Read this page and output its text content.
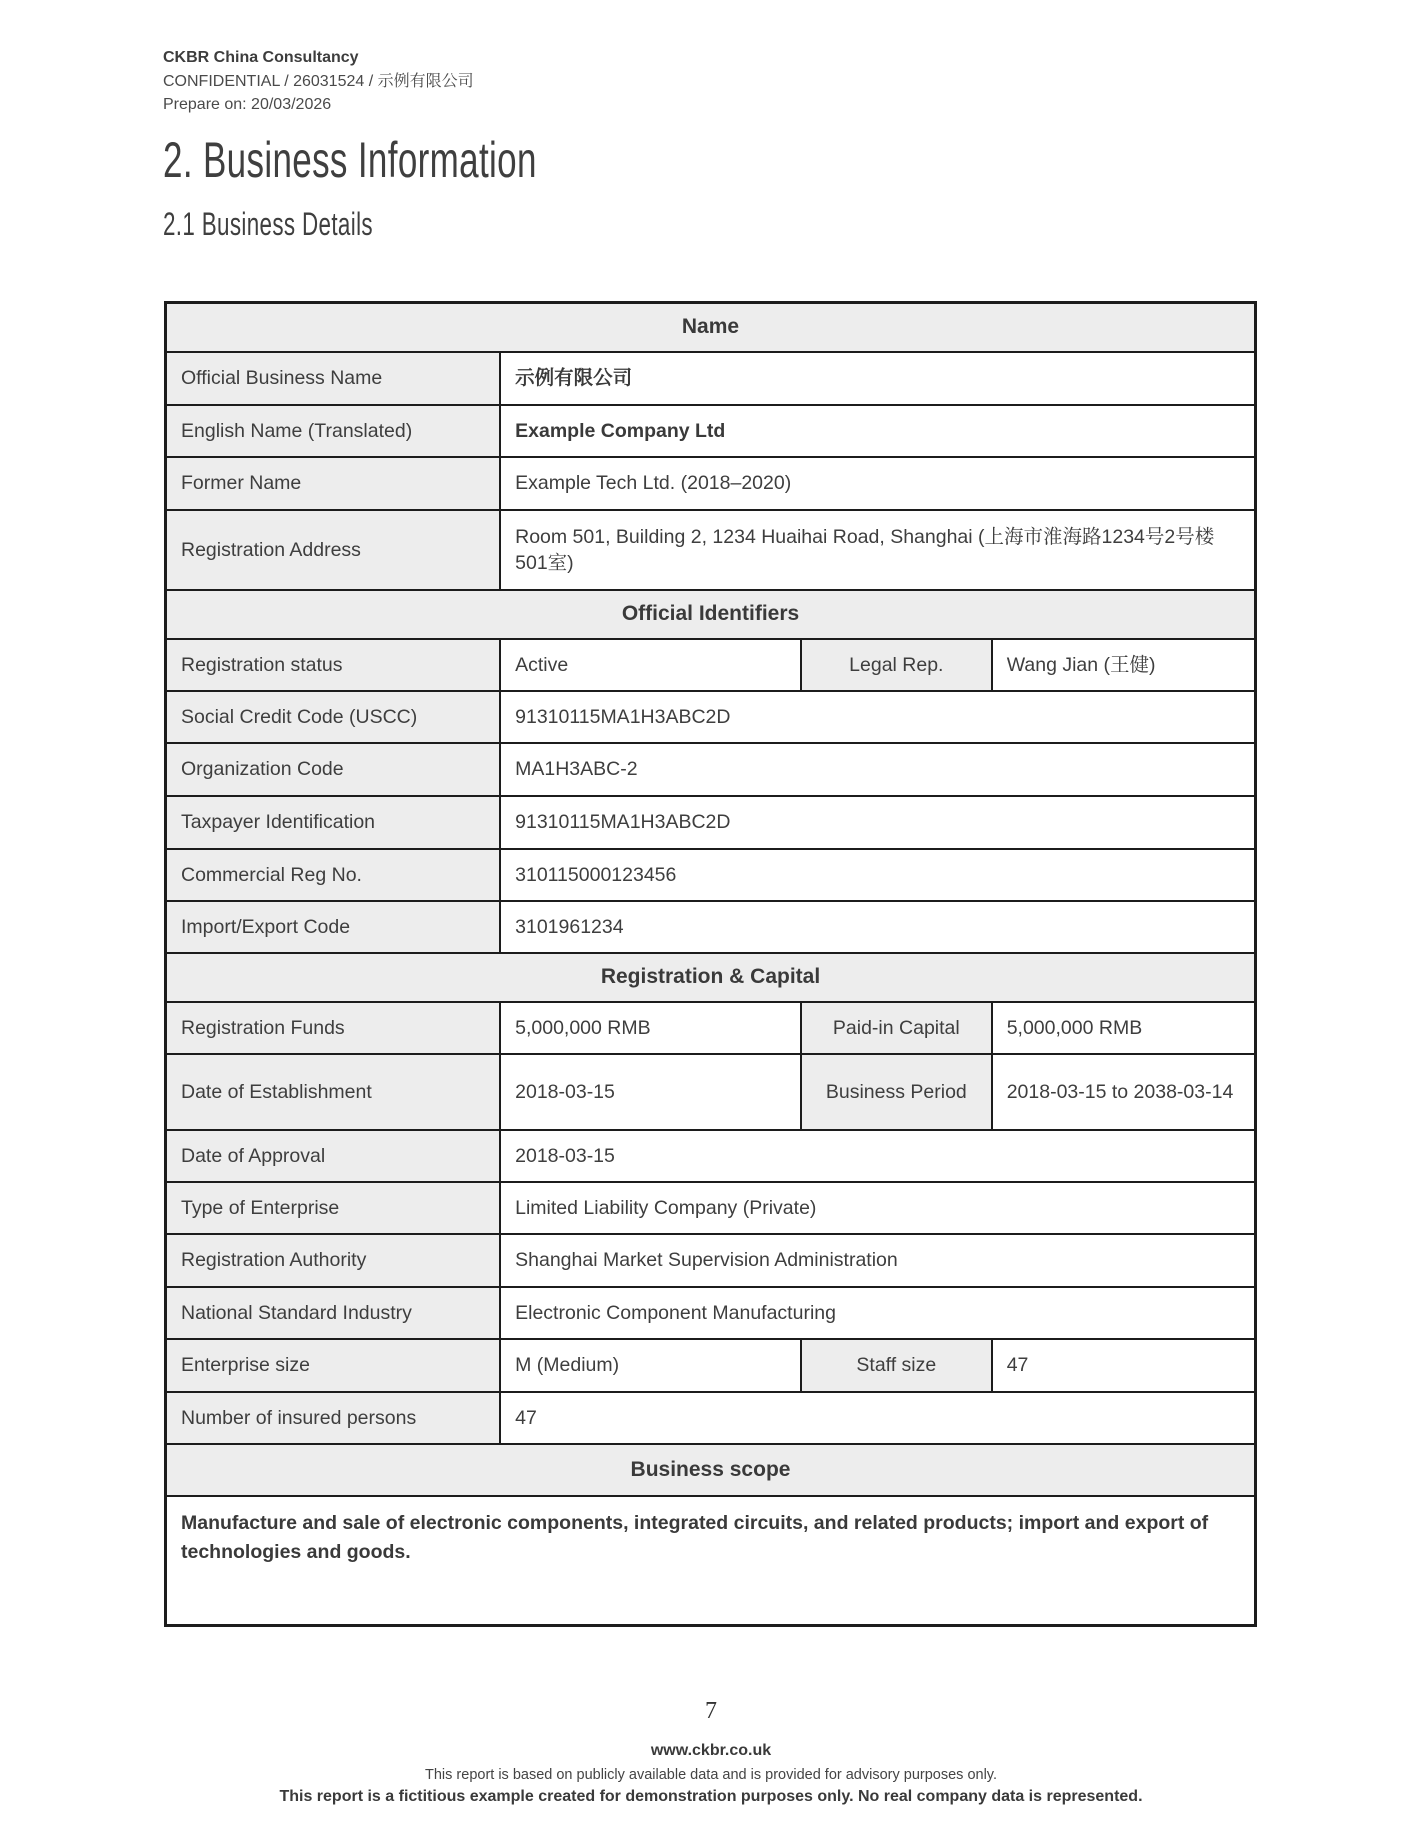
CKBR China Consultancy
CONFIDENTIAL / 26031524 / 示例有限公司
Prepare on: 20/03/2026
2. Business Information
2.1 Business Details
Name			
Official Business Name	示例有限公司		
English Name (Translated)	Example Company Ltd		
Former Name	Example Tech Ltd. (2018–2020)		
Registration Address	Room 501, Building 2, 1234 Huaihai Road, Shanghai (上海市淮海路1234号2号楼501室)		
Official Identifiers			
Registration status	Active	Legal Rep.	Wang Jian (王健)
Social Credit Code (USCC)	91310115MA1H3ABC2D		
Organization Code	MA1H3ABC-2		
Taxpayer Identification	91310115MA1H3ABC2D		
Commercial Reg No.	310115000123456		
Import/Export Code	3101961234		
Registration & Capital			
Registration Funds	5,000,000 RMB	Paid-in Capital	5,000,000 RMB
Date of Establishment	2018-03-15	Business Period	2018-03-15 to 2038-03-14
Date of Approval	2018-03-15		
Type of Enterprise	Limited Liability Company (Private)		
Registration Authority	Shanghai Market Supervision Administration		
National Standard Industry	Electronic Component Manufacturing		
Enterprise size	M (Medium)	Staff size	47
Number of insured persons	47		
Business scope			
Manufacture and sale of electronic components, integrated circuits, and related products; import and export of technologies and goods.			
7
www.ckbr.co.uk
This report is based on publicly available data and is provided for advisory purposes only.
This report is a fictitious example created for demonstration purposes only. No real company data is represented.
